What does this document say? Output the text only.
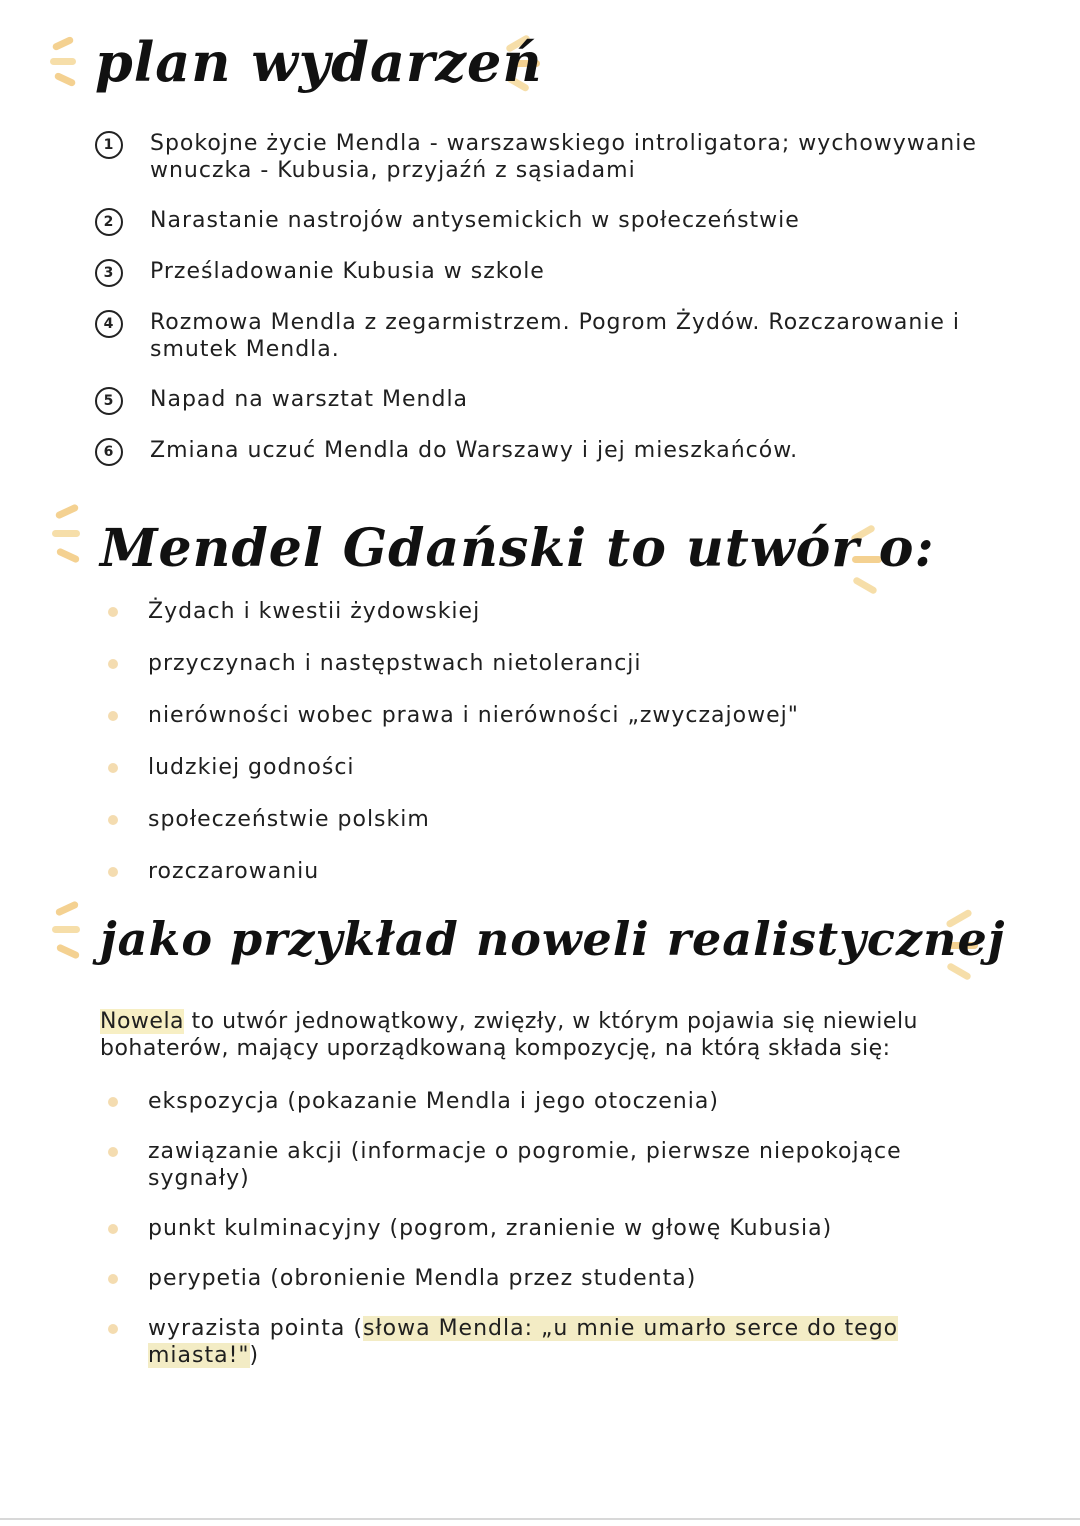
plan wydarzeń
1	Spokojne życie Mendla - warszawskiego introligatora; wychowywanie wnuczka - Kubusia, przyjaźń z sąsiadami
2	Narastanie nastrojów antysemickich w społeczeństwie
3	Prześladowanie Kubusia w szkole
4	Rozmowa Mendla z zegarmistrzem. Pogrom Żydów. Rozczarowanie i smutek Mendla.
5	Napad na warsztat Mendla
6	Zmiana uczuć Mendla do Warszawy i jej mieszkańców.
Mendel Gdański to utwór o:
Żydach i kwestii żydowskiej
przyczynach i następstwach nietolerancji
nierówności wobec prawa i nierówności „zwyczajowej"
ludzkiej godności
społeczeństwie polskim
rozczarowaniu
jako przykład noweli realistycznej

Nowela to utwór jednowątkowy, zwięzły, w którym pojawia się niewielu bohaterów, mający uporządkowaną kompozycję, na którą składa się:

ekspozycja (pokazanie Mendla i jego otoczenia)
zawiązanie akcji (informacje o pogromie, pierwsze niepokojące sygnały)
punkt kulminacyjny (pogrom, zranienie w głowę Kubusia)
perypetia (obronienie Mendla przez studenta)
wyrazista pointa (słowa Mendla: „u mnie umarło serce do tego miasta!")
